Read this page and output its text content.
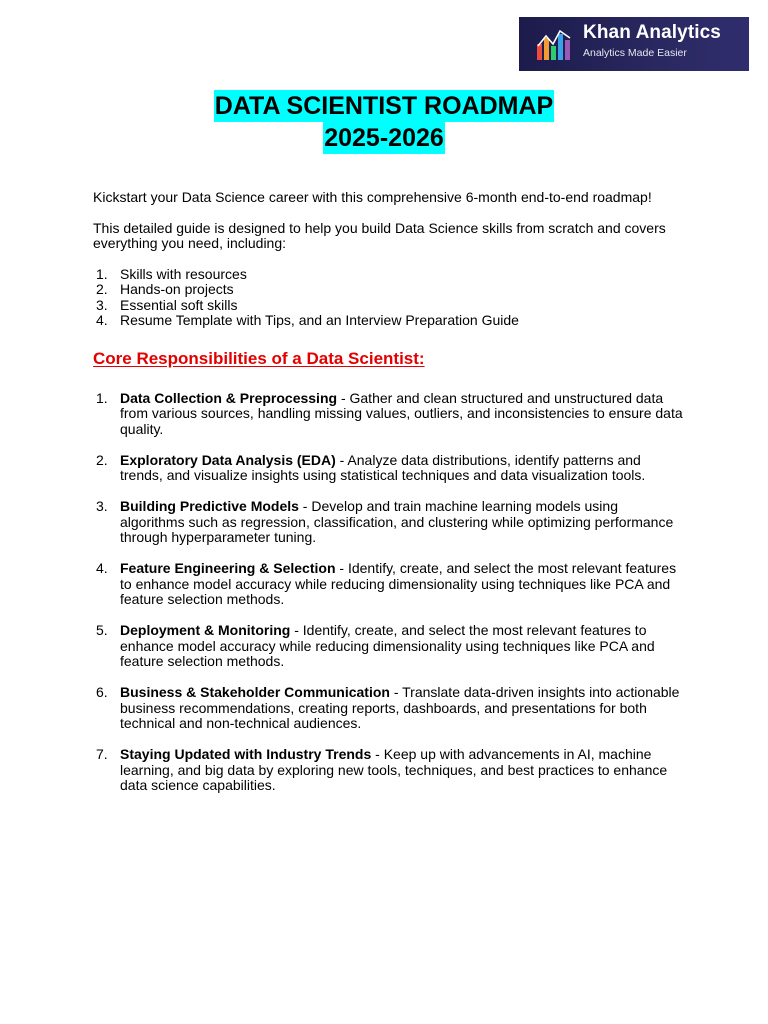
Khan Analytics
Analytics Made Easier
DATA SCIENTIST ROADMAP
2025-2026

Kickstart your Data Science career with this comprehensive 6-month end-to-end roadmap!

This detailed guide is designed to help you build Data Science skills from scratch and covers everything you need, including:

1. Skills with resources
2. Hands-on projects
3. Essential soft skills
4. Resume Template with Tips, and an Interview Preparation Guide

Core Responsibilities of a Data Scientist:

1. Data Collection & Preprocessing - Gather and clean structured and unstructured data from various sources, handling missing values, outliers, and inconsistencies to ensure data quality.
2. Exploratory Data Analysis (EDA) - Analyze data distributions, identify patterns and trends, and visualize insights using statistical techniques and data visualization tools.
3. Building Predictive Models - Develop and train machine learning models using algorithms such as regression, classification, and clustering while optimizing performance through hyperparameter tuning.
4. Feature Engineering & Selection - Identify, create, and select the most relevant features to enhance model accuracy while reducing dimensionality using techniques like PCA and feature selection methods.
5. Deployment & Monitoring - Identify, create, and select the most relevant features to enhance model accuracy while reducing dimensionality using techniques like PCA and feature selection methods.
6. Business & Stakeholder Communication - Translate data-driven insights into actionable business recommendations, creating reports, dashboards, and presentations for both technical and non-technical audiences.
7. Staying Updated with Industry Trends - Keep up with advancements in AI, machine learning, and big data by exploring new tools, techniques, and best practices to enhance data science capabilities.
